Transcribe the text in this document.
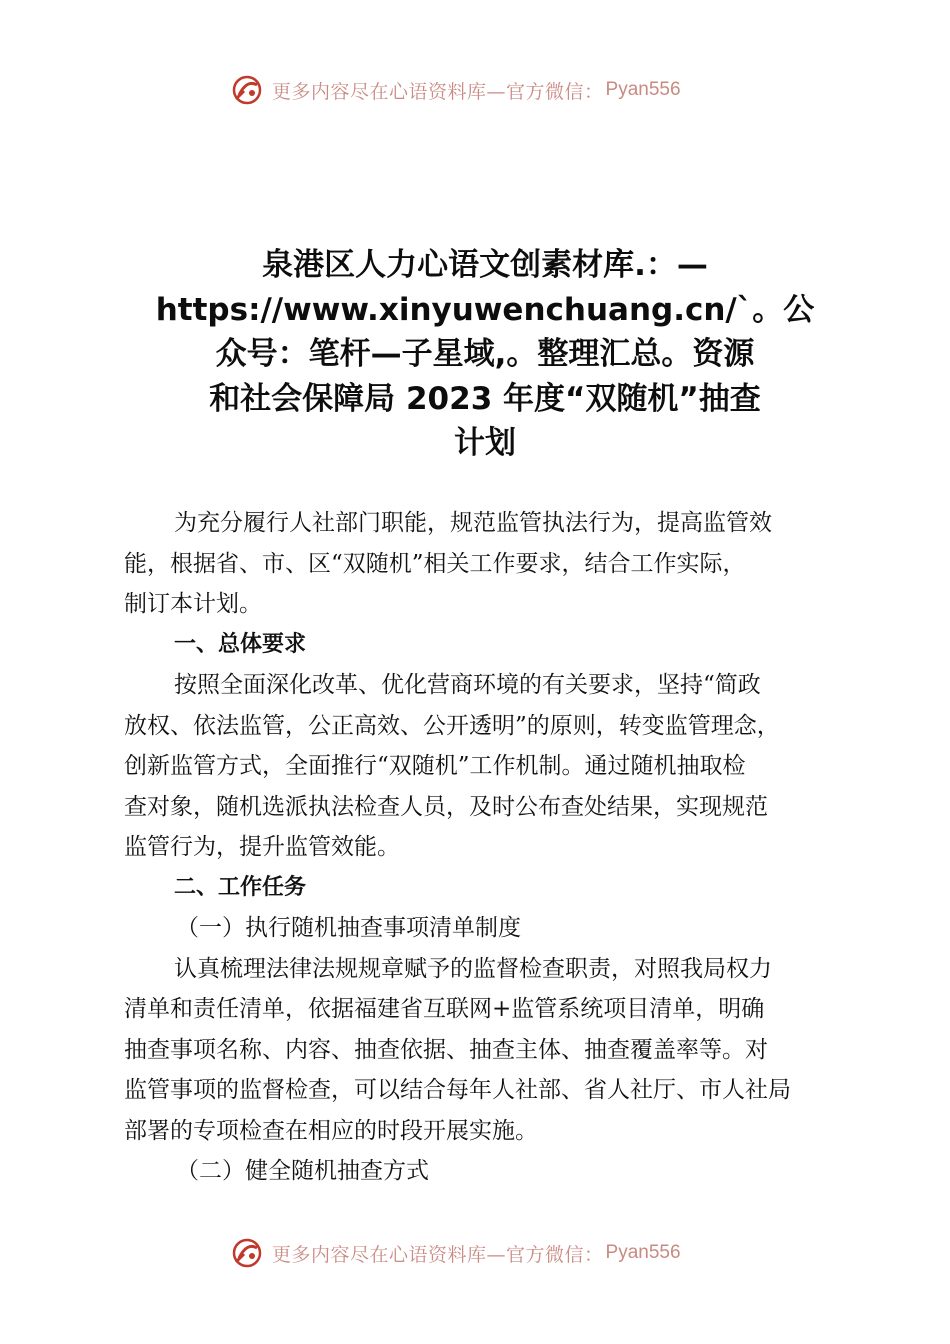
更多内容尽在心语资料库—官方微信： Pyan556
泉港区人力心语文创素材库.：—
https://www.xinyuwenchuang.cn/`。公
众号：笔杆—子星域,。整理汇总。资源
和社会保障局 2023 年度“双随机”抽查
计划
为充分履行人社部门职能，规范监管执法行为，提高监管效
能，根据省、市、区“双随机”相关工作要求，结合工作实际，
制订本计划。
一、总体要求
按照全面深化改革、优化营商环境的有关要求，坚持“简政
放权、依法监管，公正高效、公开透明”的原则，转变监管理念，
创新监管方式，全面推行“双随机”工作机制。通过随机抽取检
查对象，随机选派执法检查人员，及时公布查处结果，实现规范
监管行为，提升监管效能。
二、工作任务
（一）执行随机抽查事项清单制度
认真梳理法律法规规章赋予的监督检查职责，对照我局权力
清单和责任清单，依据福建省互联网+监管系统项目清单，明确
抽查事项名称、内容、抽查依据、抽查主体、抽查覆盖率等。对
监管事项的监督检查，可以结合每年人社部、省人社厅、市人社局
部署的专项检查在相应的时段开展实施。
（二）健全随机抽查方式
更多内容尽在心语资料库—官方微信： Pyan556
